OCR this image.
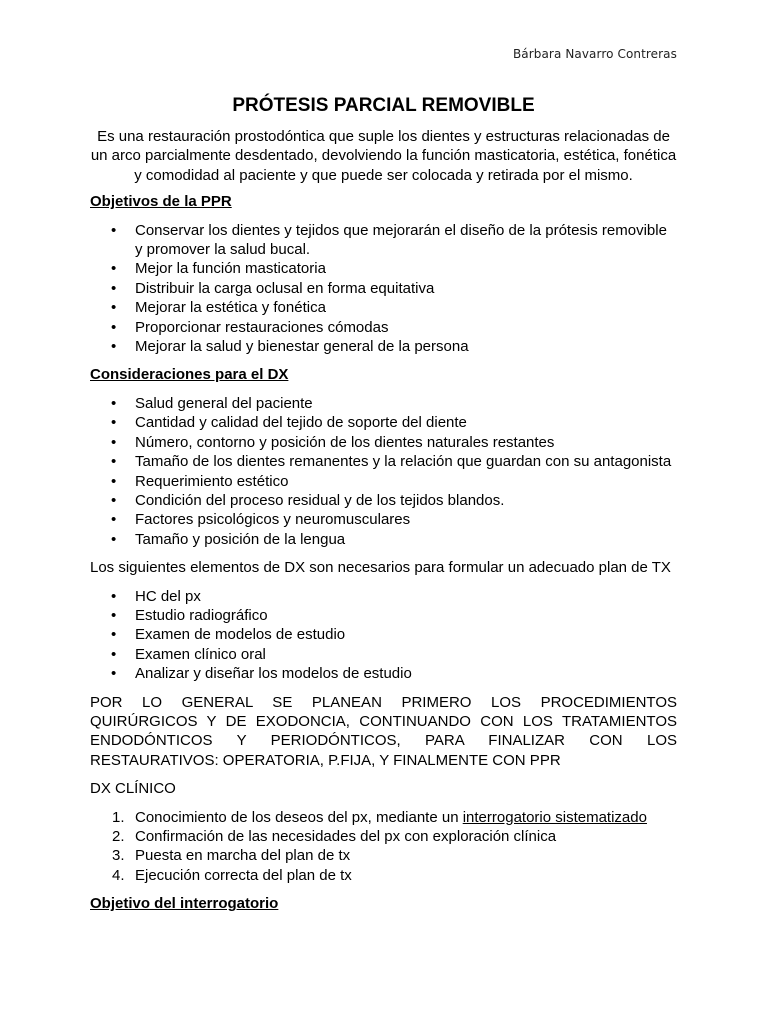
Bárbara Navarro Contreras
PRÓTESIS PARCIAL REMOVIBLE
Es una restauración prostodóntica que suple los dientes y estructuras relacionadas de un arco parcialmente desdentado, devolviendo la función masticatoria, estética, fonética y comodidad al paciente y que puede ser colocada y retirada por el mismo.
Objetivos de la PPR
• Conservar los dientes y tejidos que mejorarán el diseño de la prótesis removible y promover la salud bucal.
• Mejor la función masticatoria
• Distribuir la carga oclusal en forma equitativa
• Mejorar la estética y fonética
• Proporcionar restauraciones cómodas
• Mejorar la salud y bienestar general de la persona
Consideraciones para el DX
• Salud general del paciente
• Cantidad y calidad del tejido de soporte del diente
• Número, contorno y posición de los dientes naturales restantes
• Tamaño de los dientes remanentes y la relación que guardan con su antagonista
• Requerimiento estético
• Condición del proceso residual y de los tejidos blandos.
• Factores psicológicos y neuromusculares
• Tamaño y posición de la lengua
Los siguientes elementos de DX son necesarios para formular un adecuado plan de TX
• HC del px
• Estudio radiográfico
• Examen de modelos de estudio
• Examen clínico oral
• Analizar y diseñar los modelos de estudio
POR LO GENERAL SE PLANEAN PRIMERO LOS PROCEDIMIENTOS QUIRÚRGICOS Y DE EXODONCIA, CONTINUANDO CON LOS TRATAMIENTOS ENDODÓNTICOS Y PERIODÓNTICOS, PARA FINALIZAR CON LOS RESTAURATIVOS: OPERATORIA, P.FIJA, Y FINALMENTE CON PPR
DX CLÍNICO
1. Conocimiento de los deseos del px, mediante un interrogatorio sistematizado
2. Confirmación de las necesidades del px con exploración clínica
3. Puesta en marcha del plan de tx
4. Ejecución correcta del plan de tx
Objetivo del interrogatorio
